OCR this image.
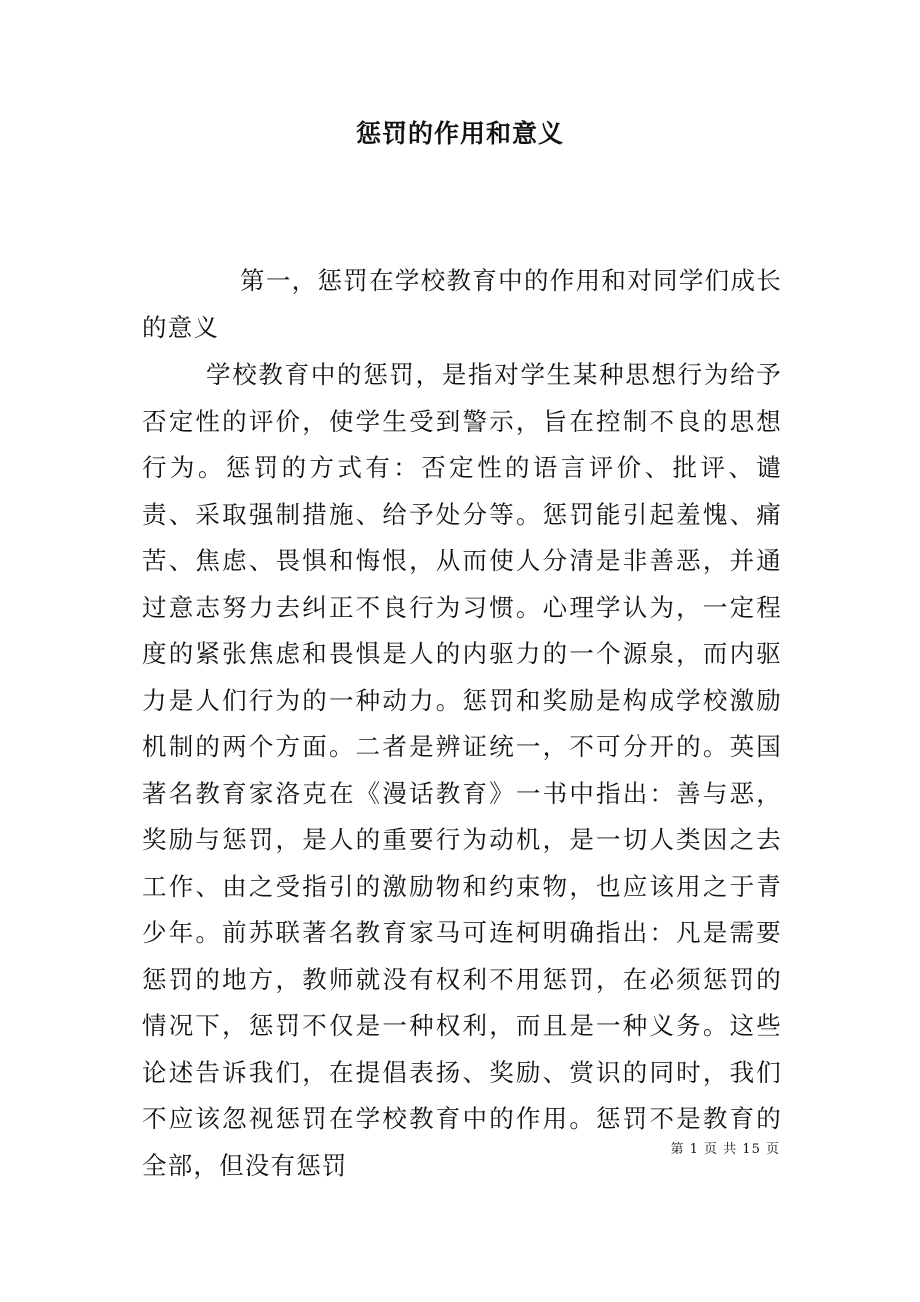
惩罚的作用和意义

第一，惩罚在学校教育中的作用和对同学们成长的意义

学校教育中的惩罚，是指对学生某种思想行为给予否定性的评价，使学生受到警示，旨在控制不良的思想行为。惩罚的方式有：否定性的语言评价、批评、谴责、采取强制措施、给予处分等。惩罚能引起羞愧、痛苦、焦虑、畏惧和悔恨，从而使人分清是非善恶，并通过意志努力去纠正不良行为习惯。心理学认为，一定程度的紧张焦虑和畏惧是人的内驱力的一个源泉，而内驱力是人们行为的一种动力。惩罚和奖励是构成学校激励机制的两个方面。二者是辨证统一，不可分开的。英国著名教育家洛克在《漫话教育》一书中指出：善与恶，奖励与惩罚，是人的重要行为动机，是一切人类因之去工作、由之受指引的激励物和约束物，也应该用之于青少年。前苏联著名教育家马可连柯明确指出：凡是需要惩罚的地方，教师就没有权利不用惩罚，在必须惩罚的情况下，惩罚不仅是一种权利，而且是一种义务。这些论述告诉我们，在提倡表扬、奖励、赏识的同时，我们不应该忽视惩罚在学校教育中的作用。惩罚不是教育的全部，但没有惩罚

第 1 页 共 15 页
